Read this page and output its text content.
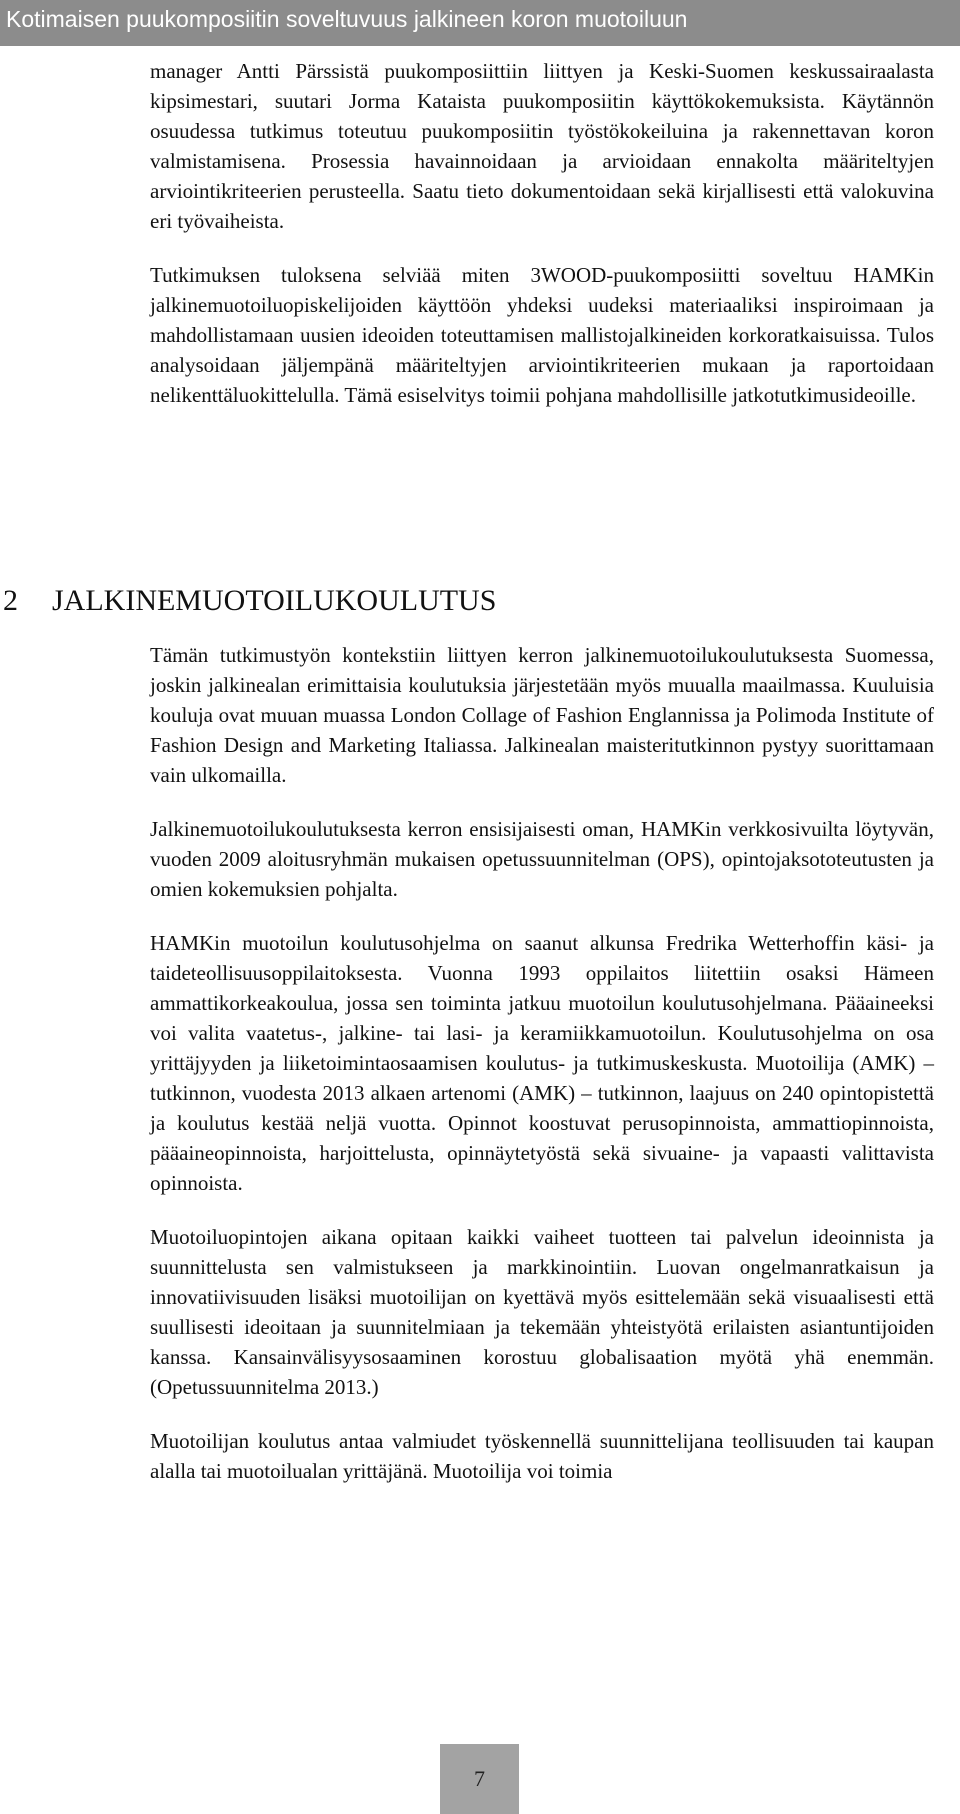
Kotimaisen puukomposiitin soveltuvuus jalkineen koron muotoiluun

manager Antti Pärssistä puukomposiittiin liittyen ja Keski-Suomen keskussairaalasta kipsimestari, suutari Jorma Kataista puukomposiitin käyttökokemuksista. Käytännön osuudessa tutkimus toteutuu puukomposiitin työstökokeiluina ja rakennettavan koron valmistamisena. Prosessia havainnoidaan ja arvioidaan ennakolta määriteltyjen arviointikriteerien perusteella. Saatu tieto dokumentoidaan sekä kirjallisesti että valokuvina eri työvaiheista.

Tutkimuksen tuloksena selviää miten 3WOOD-puukomposiitti soveltuu HAMKin jalkinemuotoiluopiskelijoiden käyttöön yhdeksi uudeksi materiaaliksi inspiroimaan ja mahdollistamaan uusien ideoiden toteuttamisen mallistojalkineiden korkoratkaisuissa. Tulos analysoidaan jäljempänä määriteltyjen arviointikriteerien mukaan ja raportoidaan nelikenttäluokittelulla. Tämä esiselvitys toimii pohjana mahdollisille jatkotutkimusideoille.

2 JALKINEMUOTOILUKOULUTUS

Tämän tutkimustyön kontekstiin liittyen kerron jalkinemuotoilukoulutuksesta Suomessa, joskin jalkinealan erimittaisia koulutuksia järjestetään myös muualla maailmassa. Kuuluisia kouluja ovat muuan muassa London Collage of Fashion Englannissa ja Polimoda Institute of Fashion Design and Marketing Italiassa. Jalkinealan maisteritutkinnon pystyy suorittamaan vain ulkomailla.

Jalkinemuotoilukoulutuksesta kerron ensisijaisesti oman, HAMKin verkkosivuilta löytyvän, vuoden 2009 aloitusryhmän mukaisen opetussuunnitelman (OPS), opintojaksototeutusten ja omien kokemuksien pohjalta.

HAMKin muotoilun koulutusohjelma on saanut alkunsa Fredrika Wetterhoffin käsi- ja taideteollisuusoppilaitoksesta. Vuonna 1993 oppilaitos liitettiin osaksi Hämeen ammattikorkeakoulua, jossa sen toiminta jatkuu muotoilun koulutusohjelmana. Pääaineeksi voi valita vaatetus-, jalkine- tai lasi- ja keramiikkamuotoilun. Koulutusohjelma on osa yrittäjyyden ja liiketoimintaosaamisen koulutus- ja tutkimuskeskusta. Muotoilija (AMK) – tutkinnon, vuodesta 2013 alkaen artenomi (AMK) – tutkinnon, laajuus on 240 opintopistettä ja koulutus kestää neljä vuotta. Opinnot koostuvat perusopinnoista, ammattiopinnoista, pääaineopinnoista, harjoittelusta, opinnäytetyöstä sekä sivuaine- ja vapaasti valittavista opinnoista.

Muotoiluopintojen aikana opitaan kaikki vaiheet tuotteen tai palvelun ideoinnista ja suunnittelusta sen valmistukseen ja markkinointiin. Luovan ongelmanratkaisun ja innovatiivisuuden lisäksi muotoilijan on kyettävä myös esittelemään sekä visuaalisesti että suullisesti ideoitaan ja suunnitelmiaan ja tekemään yhteistyötä erilaisten asiantuntijoiden kanssa. Kansainvälisyysosaaminen korostuu globalisaation myötä yhä enemmän. (Opetussuunnitelma 2013.)

Muotoilijan koulutus antaa valmiudet työskennellä suunnittelijana teollisuuden tai kaupan alalla tai muotoilualan yrittäjänä. Muotoilija voi toimia

7
